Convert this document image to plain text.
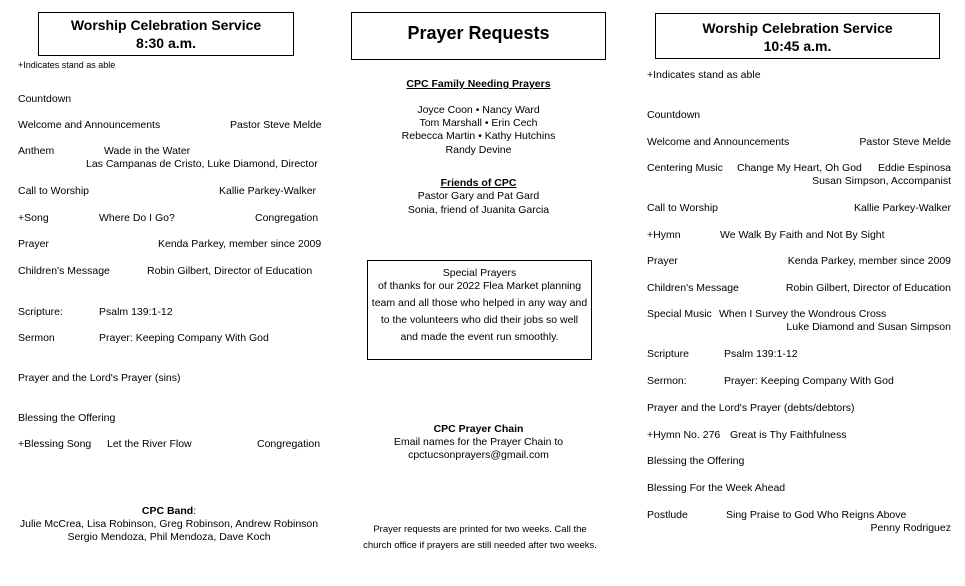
Worship Celebration Service
8:30 a.m.
+Indicates stand as able
Countdown
Welcome and Announcements	Pastor Steve Melde
Anthem	Wade in the Water
Las Campanas de Cristo, Luke Diamond, Director
Call to Worship	Kallie Parkey-Walker
+Song	Where Do I Go?	Congregation
Prayer	Kenda Parkey, member since 2009
Children's Message	Robin Gilbert, Director of Education
Scripture:	Psalm 139:1-12
Sermon	Prayer: Keeping Company With God
Prayer and the Lord's Prayer (sins)
Blessing the Offering
+Blessing Song Let the River Flow	Congregation
CPC Band:
Julie McCrea, Lisa Robinson, Greg Robinson, Andrew Robinson
Sergio Mendoza, Phil Mendoza, Dave Koch
Prayer Requests
CPC Family Needing Prayers
Joyce Coon • Nancy Ward
Tom Marshall • Erin Cech
Rebecca Martin • Kathy Hutchins
Randy Devine
Friends of CPC
Pastor Gary and Pat Gard
Sonia, friend of Juanita Garcia
Special Prayers
of thanks for our 2022 Flea Market planning
team and all those who helped in any way and
to the volunteers who did their jobs so well
and made the event run smoothly.
CPC Prayer Chain
Email names for the Prayer Chain to
cpctucsonprayers@gmail.com
Prayer requests are printed for two weeks. Call the
church office if prayers are still needed after two weeks.
Worship Celebration Service
10:45 a.m.
+Indicates stand as able
Countdown
Welcome and Announcements	Pastor Steve Melde
Centering Music Change My Heart, Oh God	Eddie Espinosa
Susan Simpson, Accompanist
Call to Worship	Kallie Parkey-Walker
+Hymn	We Walk By Faith and Not By Sight
Prayer	Kenda Parkey, member since 2009
Children's Message	Robin Gilbert, Director of Education
Special Music When I Survey the Wondrous Cross
Luke Diamond and Susan Simpson
Scripture	Psalm 139:1-12
Sermon:	Prayer: Keeping Company With God
Prayer and the Lord's Prayer (debts/debtors)
+Hymn No. 276 Great is Thy Faithfulness
Blessing the Offering
Blessing For the Week Ahead
Postlude	Sing Praise to God Who Reigns Above
Penny Rodriguez
